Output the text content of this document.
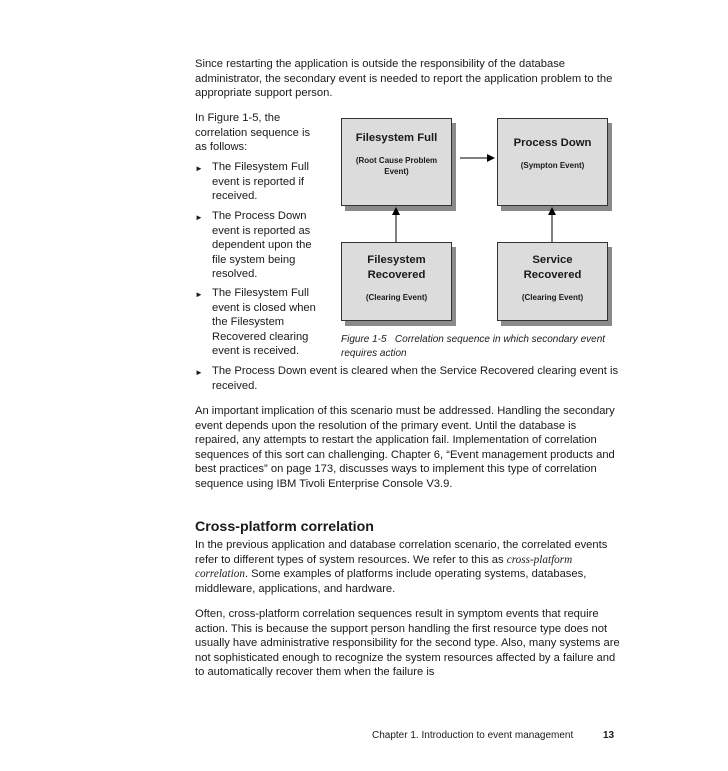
Since restarting the application is outside the responsibility of the database administrator, the secondary event is needed to report the application problem to the appropriate support person.
In Figure 1-5, the correlation sequence is as follows:
► The Filesystem Full event is reported if received.
► The Process Down event is reported as dependent upon the file system being resolved.
► The Filesystem Full event is closed when the Filesystem Recovered clearing event is received.
► The Process Down event is cleared when the Service Recovered clearing event is received.
Filesystem Full
(Root Cause Problem Event)
Process Down
(Sympton Event)
Filesystem Recovered
(Clearing Event)
Service Recovered
(Clearing Event)
Figure 1-5 Correlation sequence in which secondary event requires action
An important implication of this scenario must be addressed. Handling the secondary event depends upon the resolution of the primary event. Until the database is repaired, any attempts to restart the application fail. Implementation of correlation sequences of this sort can challenging. Chapter 6, “Event management products and best practices” on page 173, discusses ways to implement this type of correlation sequence using IBM Tivoli Enterprise Console V3.9.
Cross-platform correlation
In the previous application and database correlation scenario, the correlated events refer to different types of system resources. We refer to this as cross-platform correlation. Some examples of platforms include operating systems, databases, middleware, applications, and hardware.
Often, cross-platform correlation sequences result in symptom events that require action. This is because the support person handling the first resource type does not usually have administrative responsibility for the second type. Also, many systems are not sophisticated enough to recognize the system resources affected by a failure and to automatically recover them when the failure is
Chapter 1. Introduction to event management	13
